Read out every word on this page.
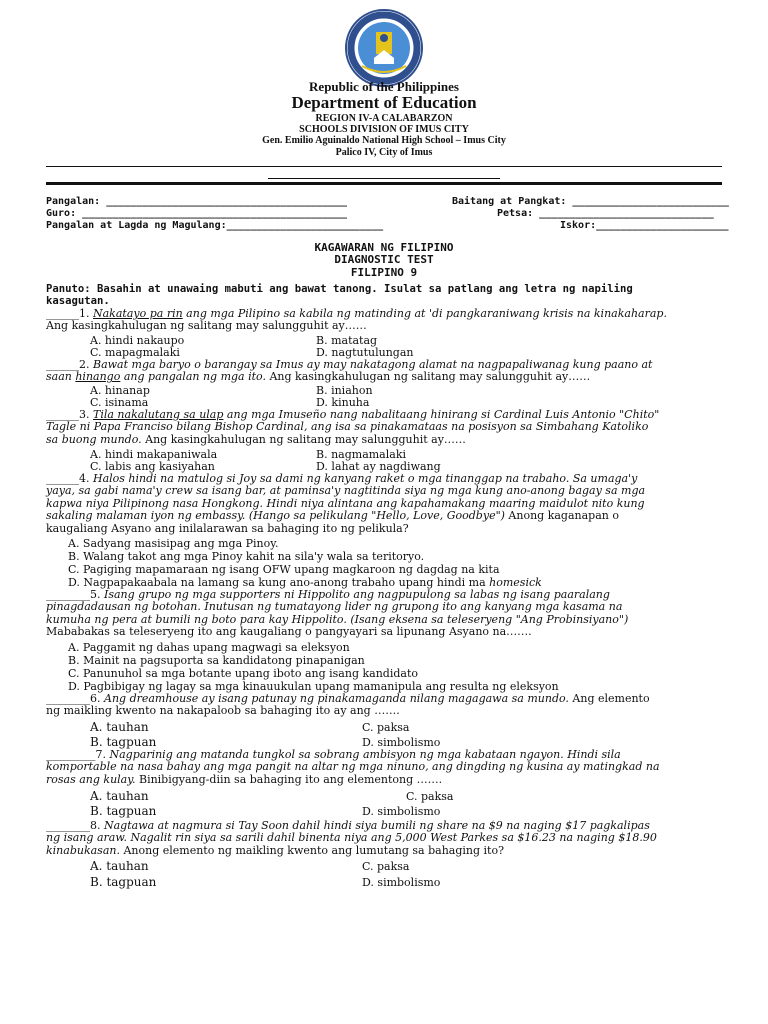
Republic of the Philippines
Department of Education
REGION IV-A CALABARZON
SCHOOLS DIVISION OF IMUS CITY
Gen. Emilio Aguinaldo National High School – Imus City
Palico IV, City of Imus
Pangalan: ________________________________________
Guro: ____________________________________________
Pangalan at Lagda ng Magulang:__________________________
Baitang at Pangkat: __________________________
Petsa: _____________________________
Iskor:______________________
KAGAWARAN NG FILIPINO
DIAGNOSTIC TEST
FILIPINO 9
Panuto: Basahin at unawaing mabuti ang bawat tanong. Isulat sa patlang ang letra ng napiling
kasagutan.
______1. Nakatayo pa rin ang mga Pilipino sa kabila ng matinding at 'di pangkaraniwang krisis na kinakaharap.
Ang kasingkahulugan ng salitang may salungguhit ay……
A. hindi nakaupo	B. matatag
C. mapagmalaki	D. nagtutulungan
______2. Bawat mga baryo o barangay sa Imus ay may nakatagong alamat na nagpapaliwanag kung paano at
saan hinango ang pangalan ng mga ito. Ang kasingkahulugan ng salitang may salungguhit ay……
A. hinanap	B. iniahon
C. isinama	D. kinuha
______3. Tila nakalutang sa ulap ang mga Imuseño nang nabalitaang hinirang si Cardinal Luis Antonio "Chito"
Tagle ni Papa Franciso bilang Bishop Cardinal, ang isa sa pinakamataas na posisyon sa Simbahang Katoliko
sa buong mundo. Ang kasingkahulugan ng salitang may salungguhit ay……
A. hindi makapaniwala	B. nagmamalaki
C. labis ang kasiyahan	D. lahat ay nagdiwang
______4. Halos hindi na matulog si Joy sa dami ng kanyang raket o mga tinanggap na trabaho. Sa umaga'y
yaya, sa gabi nama'y crew sa isang bar, at paminsa'y nagtitinda siya ng mga kung ano-anong bagay sa mga
kapwa niya Pilipinong nasa Hongkong. Hindi niya alintana ang kapahamakang maaring maidulot nito kung
sakaling malaman iyon ng embassy. (Hango sa pelikulang "Hello, Love, Goodbye") Anong kaganapan o
kaugaliang Asyano ang inilalarawan sa bahaging ito ng pelikula?
A. Sadyang masisipag ang mga Pinoy.
B. Walang takot ang mga Pinoy kahit na sila'y wala sa teritoryo.
C. Pagiging mapamaraan ng isang OFW upang magkaroon ng dagdag na kita
D. Nagpapakaabala na lamang sa kung ano-anong trabaho upang hindi ma homesick
________5. Isang grupo ng mga supporters ni Hippolito ang nagpupulong sa labas ng isang paaralang
pinagdadausan ng botohan. Inutusan ng tumatayong lider ng grupong ito ang kanyang mga kasama na
kumuha ng pera at bumili ng boto para kay Hippolito. (Isang eksena sa teleseryeng "Ang Probinsiyano")
Mababakas sa teleseryeng ito ang kaugaliang o pangyayari sa lipunang Asyano na…….
A. Paggamit ng dahas upang magwagi sa eleksyon
B. Mainit na pagsuporta sa kandidatong pinapanigan
C. Panunuhol sa mga botante upang iboto ang isang kandidato
D. Pagbibigay ng lagay sa mga kinauukulan upang mamanipula ang resulta ng eleksyon
________6. Ang dreamhouse ay isang patunay ng pinakamaganda nilang magagawa sa mundo. Ang elemento
ng maikling kwento na nakapaloob sa bahaging ito ay ang …….
A. tauhan	C. paksa
B. tagpuan	D. simbolismo
_________7. Nagparinig ang matanda tungkol sa sobrang ambisyon ng mga kabataan ngayon. Hindi sila
komportable na nasa bahay ang mga pangit na altar ng mga ninuno, ang dingding ng kusina ay matingkad na
rosas ang kulay. Binibigyang-diin sa bahaging ito ang elementong …….
A. tauhan	C. paksa
B. tagpuan	D. simbolismo
________8. Nagtawa at nagmura si Tay Soon dahil hindi siya bumili ng share na $9 na naging $17 pagkalipas
ng isang araw. Nagalit rin siya sa sarili dahil binenta niya ang 5,000 West Parkes sa $16.23 na naging $18.90
kinabukasan. Anong elemento ng maikling kwento ang lumutang sa bahaging ito?
A. tauhan	C. paksa
B. tagpuan	D. simbolismo
